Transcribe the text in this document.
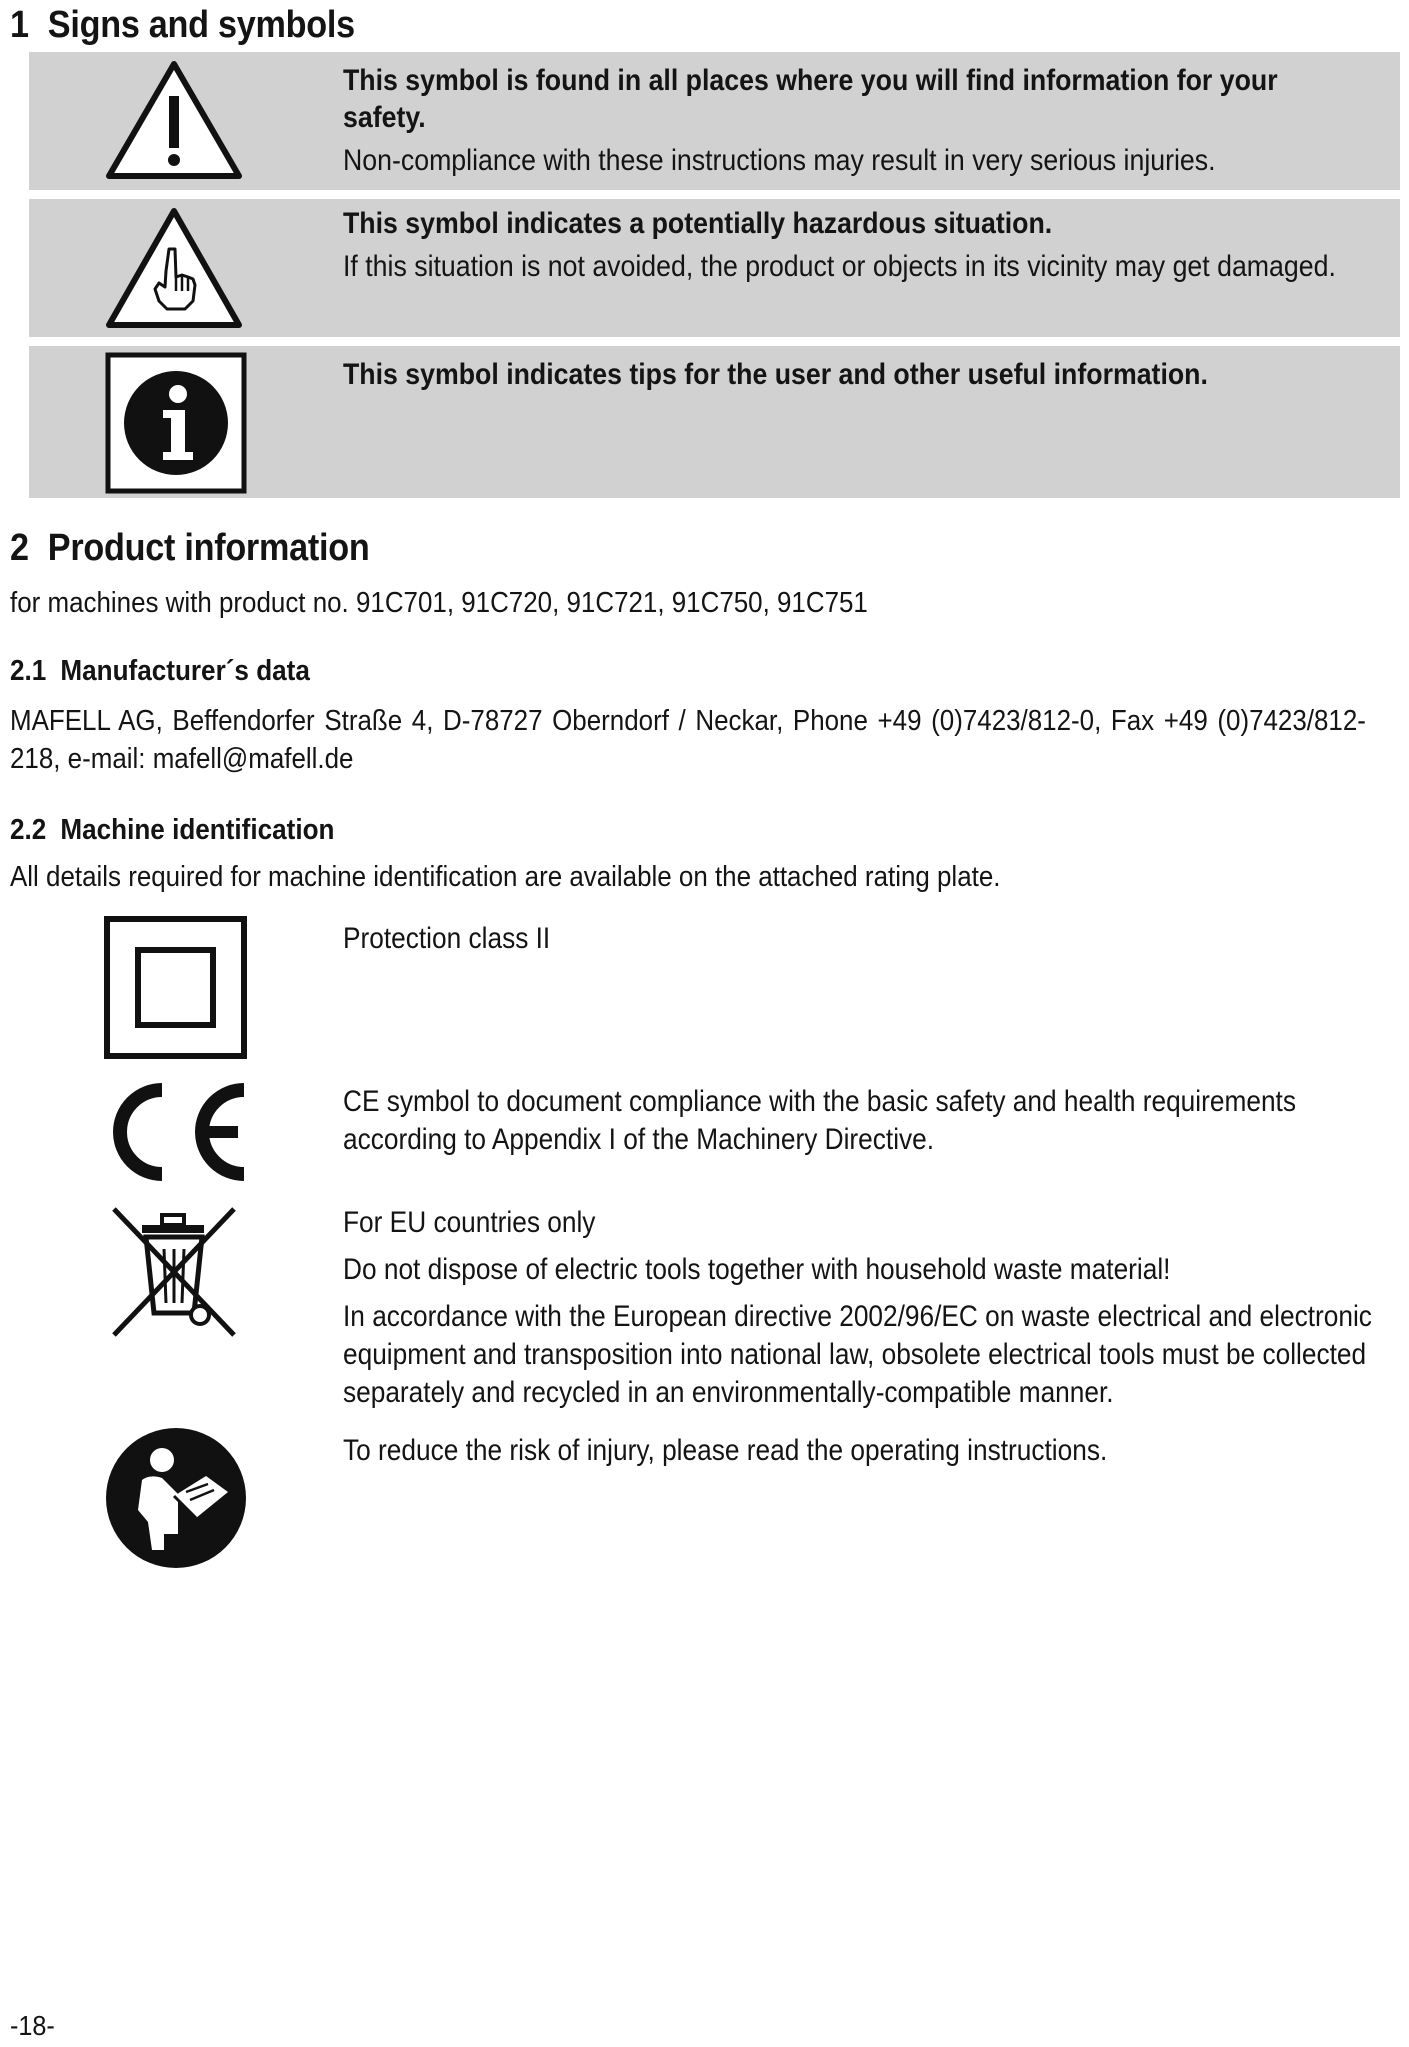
1 Signs and symbols
This symbol is found in all places where you will find information for your safety.
Non-compliance with these instructions may result in very serious injuries.
This symbol indicates a potentially hazardous situation.
If this situation is not avoided, the product or objects in its vicinity may get damaged.
This symbol indicates tips for the user and other useful information.
2 Product information

for machines with product no. 91C701, 91C720, 91C721, 91C750, 91C751

2.1 Manufacturer´s data

MAFELL AG, Beffendorfer Straße 4, D-78727 Oberndorf / Neckar, Phone +49 (0)7423/812-0, Fax +49 (0)7423/812-218, e-mail: mafell@mafell.de

2.2 Machine identification

All details required for machine identification are available on the attached rating plate.

Protection class II

CE symbol to document compliance with the basic safety and health requirements according to Appendix I of the Machinery Directive.

For EU countries only

Do not dispose of electric tools together with household waste material!

In accordance with the European directive 2002/96/EC on waste electrical and electronic equipment and transposition into national law, obsolete electrical tools must be collected separately and recycled in an environmentally-compatible manner.

To reduce the risk of injury, please read the operating instructions.

-18-
